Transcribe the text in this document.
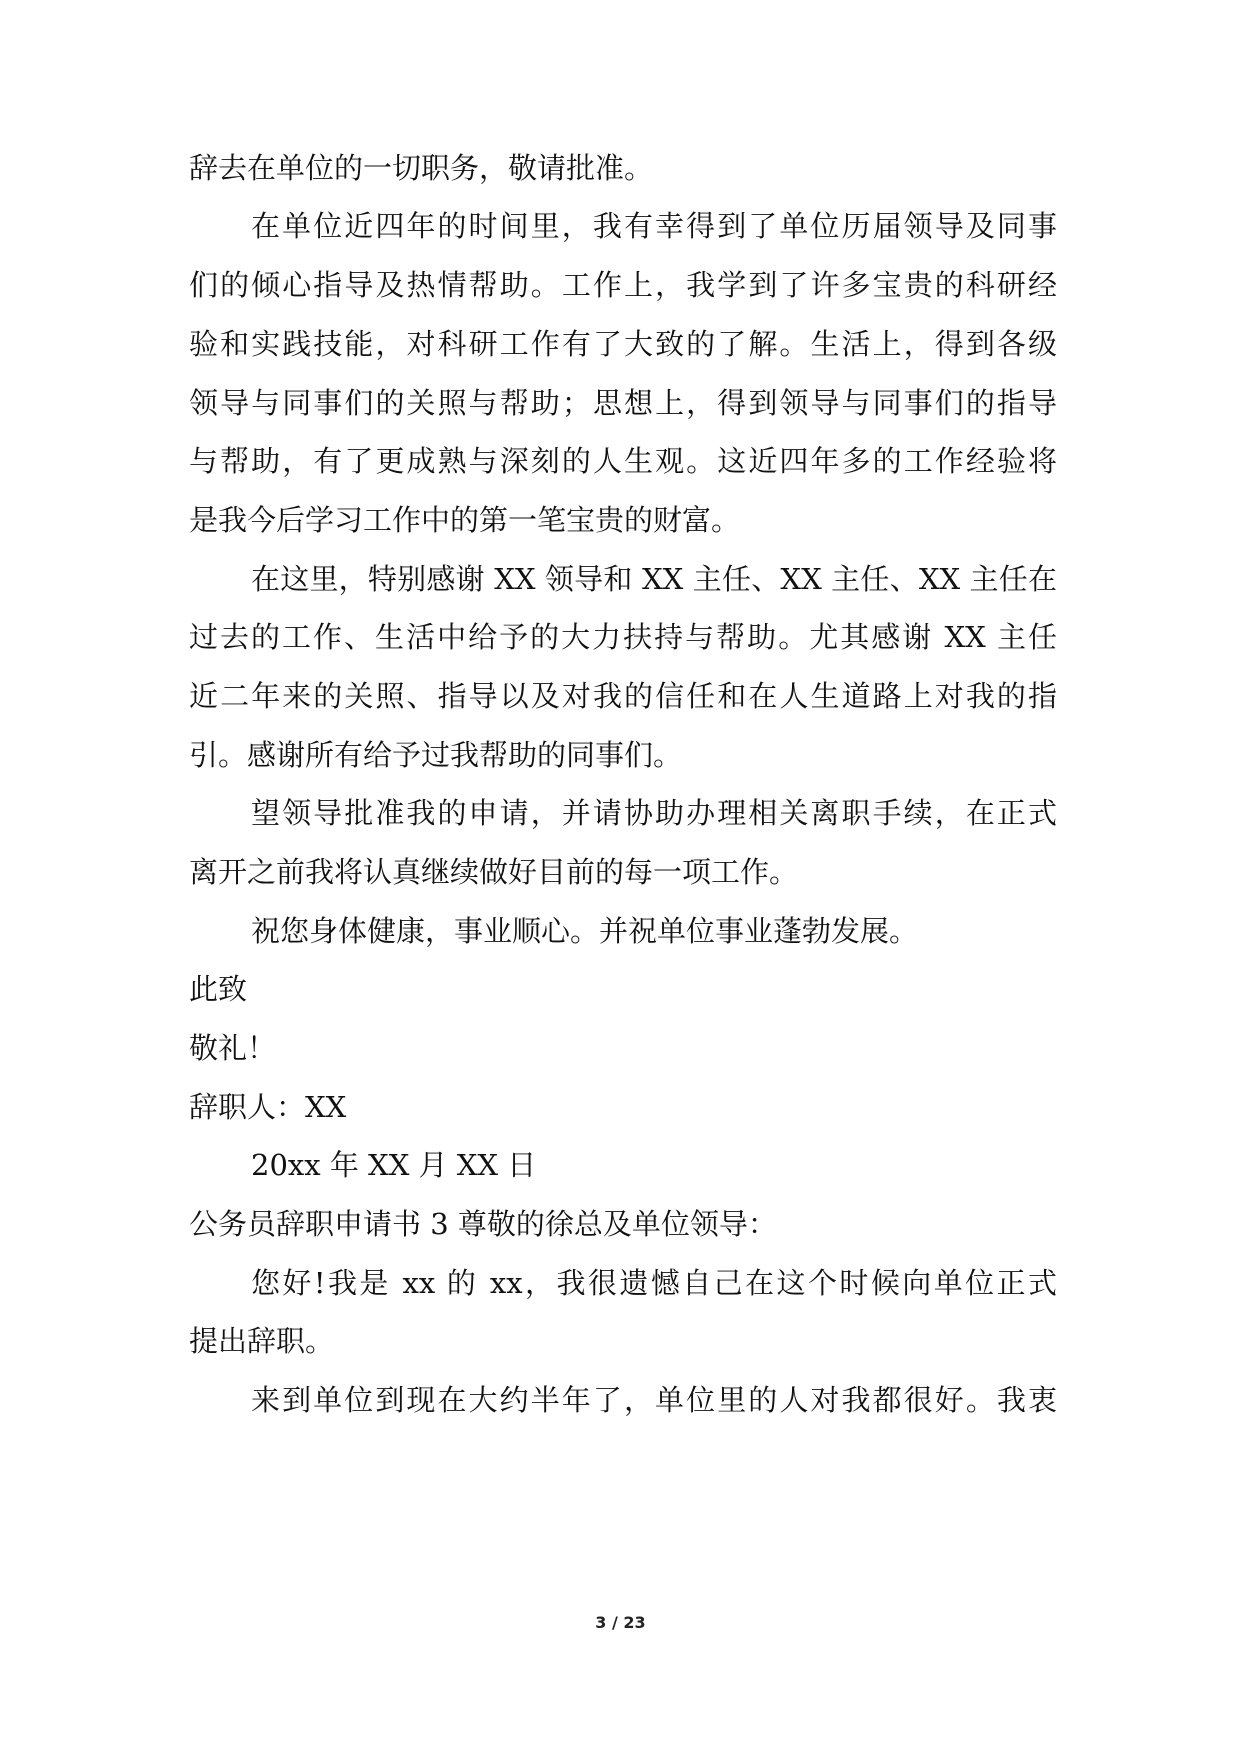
辞去在单位的一切职务，敬请批准。
在单位近四年的时间里，我有幸得到了单位历届领导及同事
们的倾心指导及热情帮助。工作上，我学到了许多宝贵的科研经
验和实践技能，对科研工作有了大致的了解。生活上，得到各级
领导与同事们的关照与帮助；思想上，得到领导与同事们的指导
与帮助，有了更成熟与深刻的人生观。这近四年多的工作经验将
是我今后学习工作中的第一笔宝贵的财富。
在这里，特别感谢 XX 领导和 XX 主任、XX 主任、XX 主任在
过去的工作、生活中给予的大力扶持与帮助。尤其感谢 XX 主任
近二年来的关照、指导以及对我的信任和在人生道路上对我的指
引。感谢所有给予过我帮助的同事们。
望领导批准我的申请，并请协助办理相关离职手续，在正式
离开之前我将认真继续做好目前的每一项工作。
祝您身体健康，事业顺心。并祝单位事业蓬勃发展。
此致
敬礼！
辞职人：XX
20xx 年 XX 月 XX 日
公务员辞职申请书 3 尊敬的徐总及单位领导：
您好!我是 xx 的 xx，我很遗憾自己在这个时候向单位正式
提出辞职。
来到单位到现在大约半年了，单位里的人对我都很好。我衷
3 / 23
